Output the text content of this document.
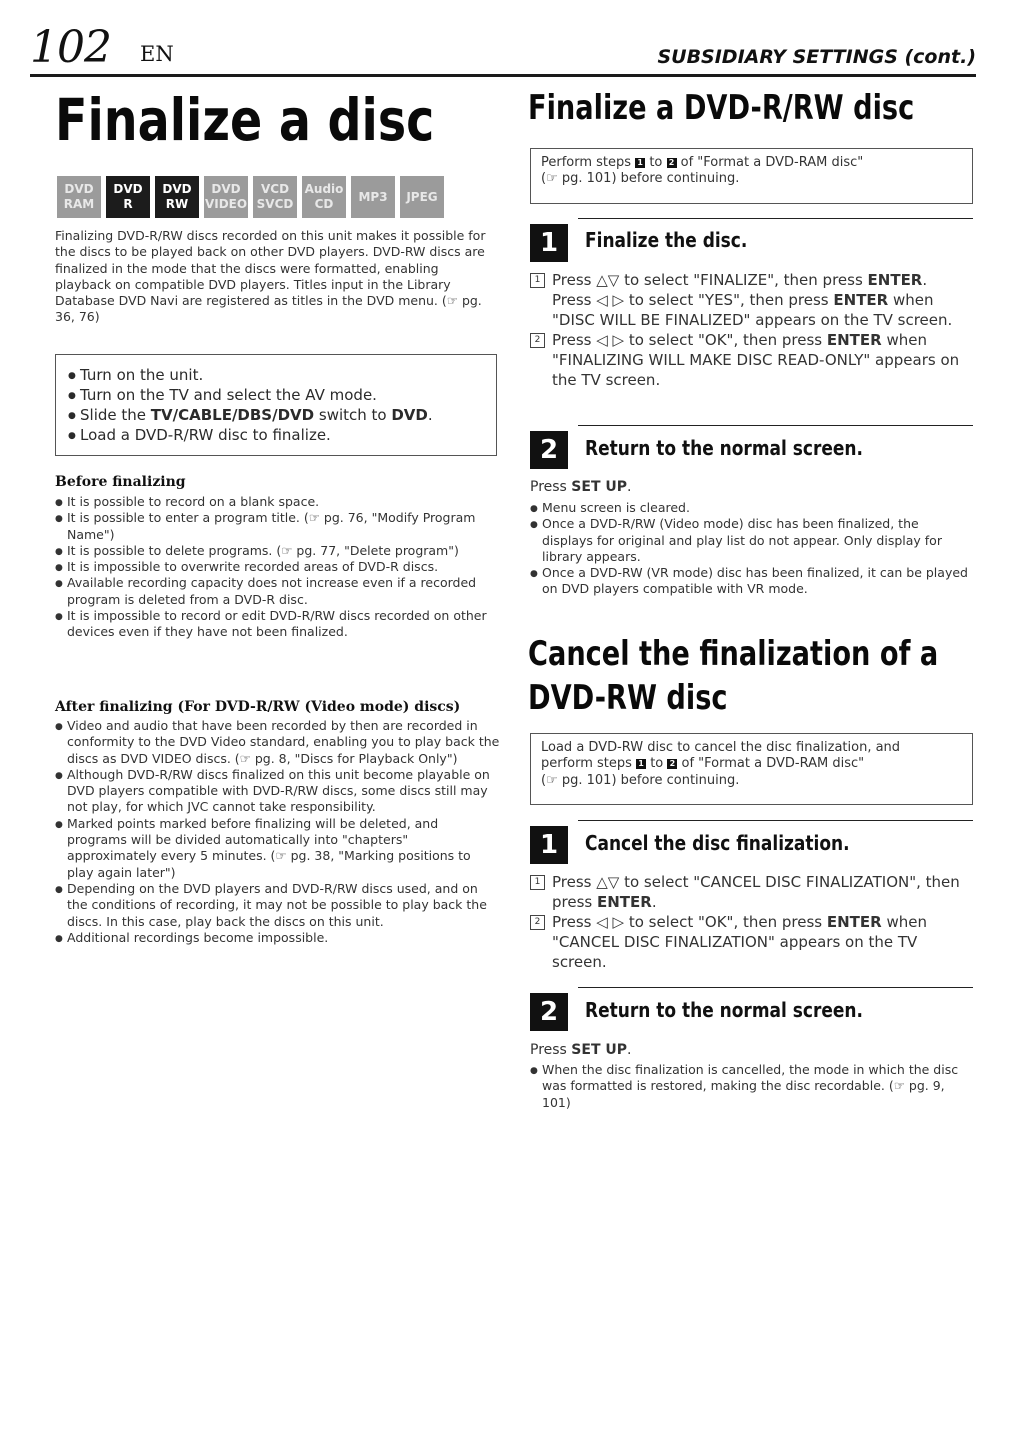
102 EN	SUBSIDIARY SETTINGS (cont.)
Finalize a disc
DVD
RAM
DVD
R
DVD
RW
DVD
VIDEO
VCD
SVCD
Audio
CD
MP3	JPEG
Finalizing DVD-R/RW discs recorded on this unit makes it possible for the discs to be played back on other DVD players. DVD-RW discs are finalized in the mode that the discs were formatted, enabling playback on compatible DVD players. Titles input in the Library Database DVD Navi are registered as titles in the DVD menu. (☞ pg. 36, 76)
● Turn on the unit.
● Turn on the TV and select the AV mode.
● Slide the TV/CABLE/DBS/DVD switch to DVD.
● Load a DVD-R/RW disc to finalize.
Before finalizing
● It is possible to record on a blank space.
● It is possible to enter a program title. (☞ pg. 76, "Modify Program Name")
● It is possible to delete programs. (☞ pg. 77, "Delete program")
● It is impossible to overwrite recorded areas of DVD-R discs.
● Available recording capacity does not increase even if a recorded program is deleted from a DVD-R disc.
● It is impossible to record or edit DVD-R/RW discs recorded on other devices even if they have not been finalized.
After finalizing (For DVD-R/RW (Video mode) discs)
● Video and audio that have been recorded by then are recorded in conformity to the DVD Video standard, enabling you to play back the discs as DVD VIDEO discs. (☞ pg. 8, "Discs for Playback Only")
● Although DVD-R/RW discs finalized on this unit become playable on DVD players compatible with DVD-R/RW discs, some discs still may not play, for which JVC cannot take responsibility.
● Marked points marked before finalizing will be deleted, and programs will be divided automatically into "chapters" approximately every 5 minutes. (☞ pg. 38, "Marking positions to play again later")
● Depending on the DVD players and DVD-R/RW discs used, and on the conditions of recording, it may not be possible to play back the discs. In this case, play back the discs on this unit.
● Additional recordings become impossible.
Finalize a DVD-R/RW disc
Perform steps 1 to 2 of "Format a DVD-RAM disc"
(☞ pg. 101) before continuing.
1	Finalize the disc.
1 Press △▽ to select "FINALIZE", then press ENTER.
Press ◁ ▷ to select "YES", then press ENTER when "DISC WILL BE FINALIZED" appears on the TV screen.
2 Press ◁ ▷ to select "OK", then press ENTER when "FINALIZING WILL MAKE DISC READ-ONLY" appears on the TV screen.
2	Return to the normal screen.
Press SET UP.
● Menu screen is cleared.
● Once a DVD-R/RW (Video mode) disc has been finalized, the displays for original and play list do not appear. Only display for library appears.
● Once a DVD-RW (VR mode) disc has been finalized, it can be played on DVD players compatible with VR mode.
Cancel the finalization of a DVD-RW disc
Load a DVD-RW disc to cancel the disc finalization, and
perform steps 1 to 2 of "Format a DVD-RAM disc"
(☞ pg. 101) before continuing.
1	Cancel the disc finalization.
1 Press △▽ to select "CANCEL DISC FINALIZATION", then press ENTER.
2 Press ◁ ▷ to select "OK", then press ENTER when "CANCEL DISC FINALIZATION" appears on the TV screen.
2	Return to the normal screen.
Press SET UP.
● When the disc finalization is cancelled, the mode in which the disc was formatted is restored, making the disc recordable. (☞ pg. 9, 101)
